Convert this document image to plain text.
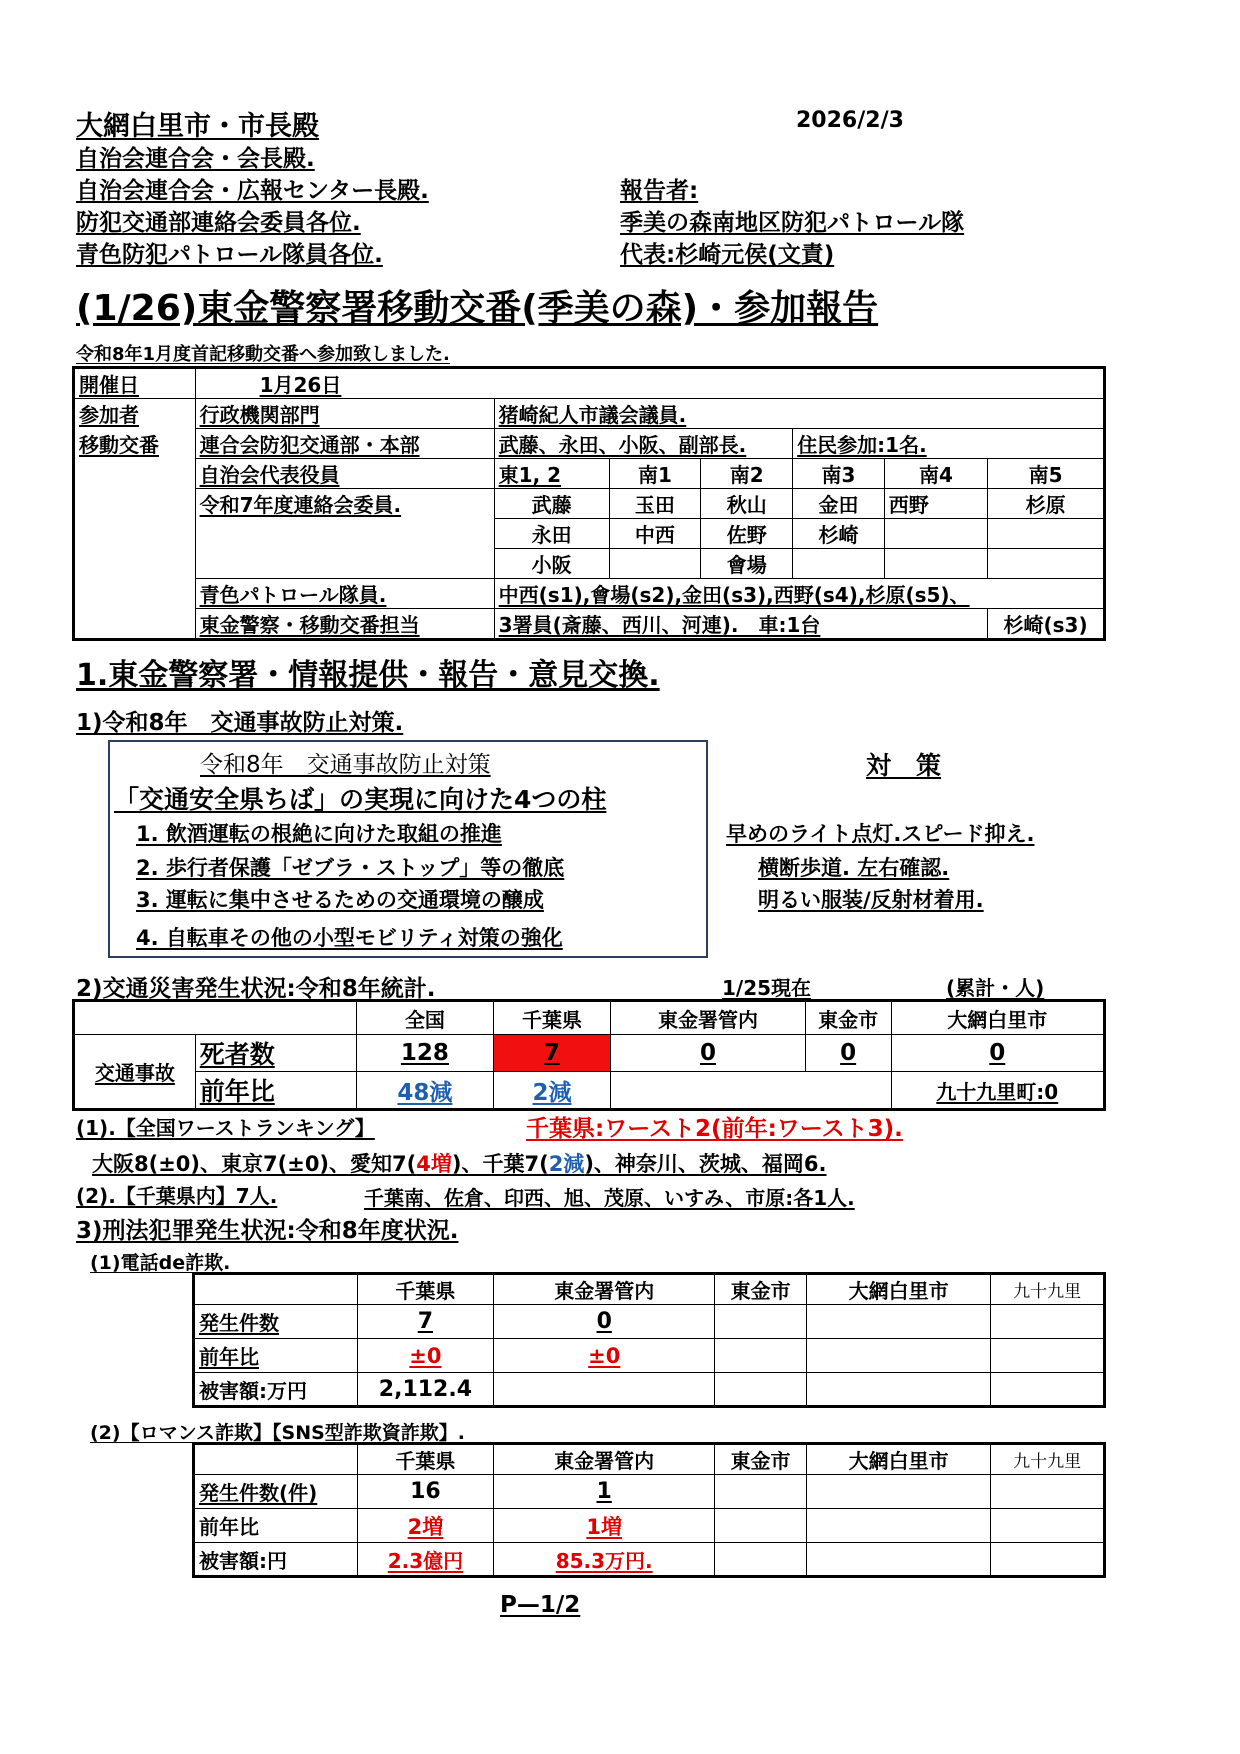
大網白里市・市長殿	2026/2/3
自治会連合会・会長殿.
自治会連合会・広報センター長殿.	報告者:
防犯交通部連絡会委員各位.	季美の森南地区防犯パトロール隊
青色防犯パトロール隊員各位.	代表:杉崎元侯(文責)
(1/26)東金警察署移動交番(季美の森)・参加報告
令和8年1月度首記移動交番へ参加致しました.
開催日	1月26日						
参加者	行政機関部門	猪崎紀人市議会議員.					
移動交番	連合会防犯交通部・本部	武藤、永田、小阪、副部長.			住民参加:1名.		
	自治会代表役員	東1, 2	南1	南2	南3	南4	南5
	令和7年度連絡会委員.	武藤	玉田	秋山	金田	西野	杉原
		永田	中西	佐野	杉崎		
		小阪		會場			
	青色パトロール隊員.	中西(s1),會場(s2),金田(s3),西野(s4),杉原(s5)、					
	東金警察・移動交番担当	3署員(斎藤、西川、河連).　車:1台					杉崎(s3)
1.東金警察署・情報提供・報告・意見交換.
1)令和8年　交通事故防止対策.
令和8年　交通事故防止対策
「交通安全県ちば」の実現に向けた4つの柱
1. 飲酒運転の根絶に向けた取組の推進
2. 歩行者保護「ゼブラ・ストップ」等の徹底
3. 運転に集中させるための交通環境の醸成
4. 自転車その他の小型モビリティ対策の強化
対　策
早めのライト点灯.スピード抑え.
横断歩道. 左右確認.
明るい服装/反射材着用.
2)交通災害発生状況:令和8年統計.	1/25現在	(累計・人)
		全国	千葉県	東金署管内	東金市	大網白里市
交通事故	死者数	128	7	0	0	0
	前年比	48減	2減			九十九里町:0
(1).【全国ワーストランキング】	千葉県:ワースト2(前年:ワースト3).
大阪8(±0)、東京7(±0)、愛知7(4増)、千葉7(2減)、神奈川、茨城、福岡6.
(2).【千葉県内】7人.	千葉南、佐倉、印西、旭、茂原、いすみ、市原:各1人.
3)刑法犯罪発生状況:令和8年度状況.
(1)電話de詐欺.
	千葉県	東金署管内	東金市	大網白里市	九十九里
発生件数	7	0			
前年比	±0	±0			
被害額:万円	2,112.4				
(2)【ロマンス詐欺】【SNS型詐欺資詐欺】.
	千葉県	東金署管内	東金市	大網白里市	九十九里
発生件数(件)	16	1			
前年比	2増	1増			
被害額:円	2.3億円	85.3万円.			
P—1/2
